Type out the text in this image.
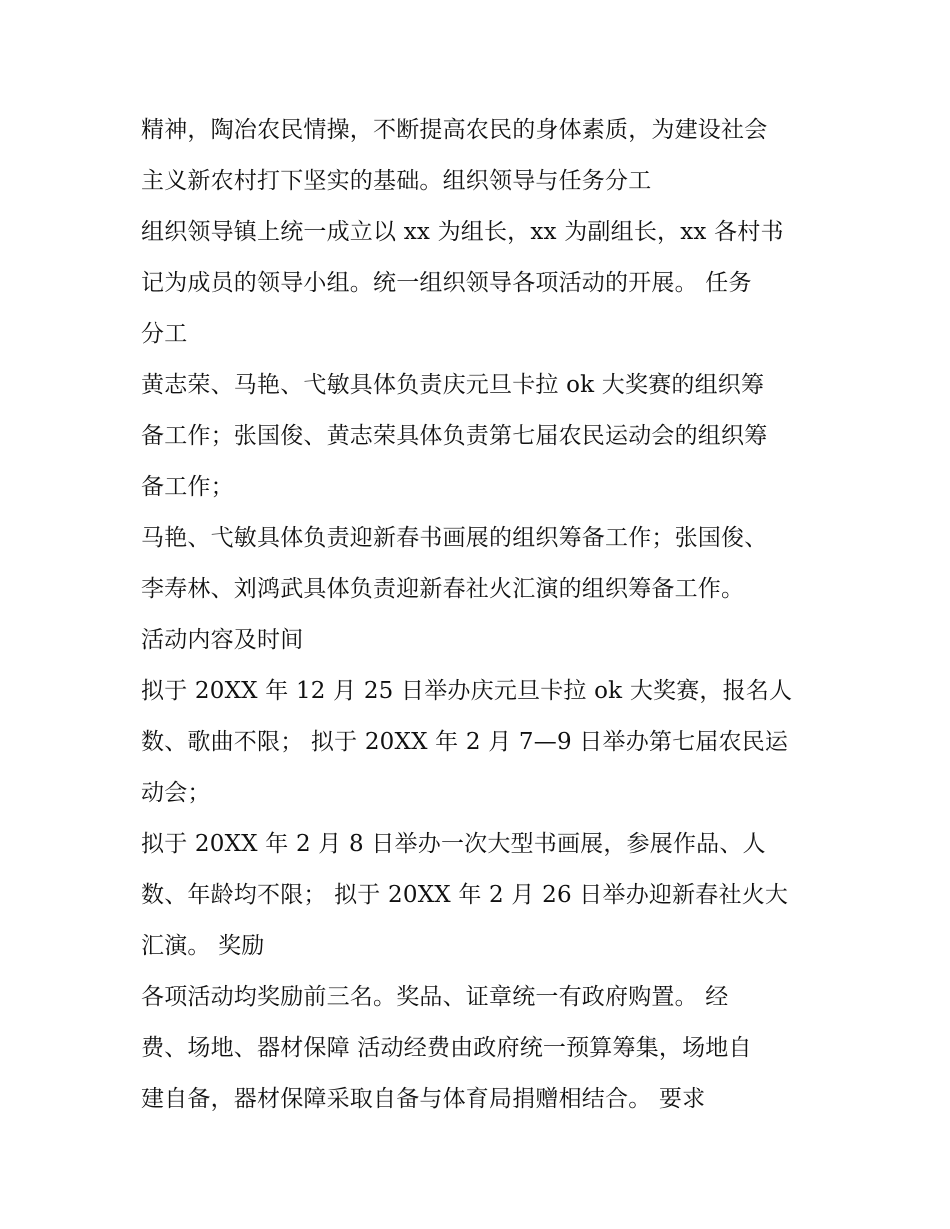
精神，陶冶农民情操，不断提高农民的身体素质，为建设社会
主义新农村打下坚实的基础。组织领导与任务分工
组织领导镇上统一成立以 xx 为组长，xx 为副组长，xx 各村书
记为成员的领导小组。统一组织领导各项活动的开展。 任务
分工
黄志荣、马艳、弋敏具体负责庆元旦卡拉 ok 大奖赛的组织筹
备工作；张国俊、黄志荣具体负责第七届农民运动会的组织筹
备工作；
马艳、弋敏具体负责迎新春书画展的组织筹备工作；张国俊、
李寿林、刘鸿武具体负责迎新春社火汇演的组织筹备工作。
活动内容及时间
拟于 20XX 年 12 月 25 日举办庆元旦卡拉 ok 大奖赛，报名人
数、歌曲不限； 拟于 20XX 年 2 月 7—9 日举办第七届农民运
动会；
拟于 20XX 年 2 月 8 日举办一次大型书画展，参展作品、人
数、年龄均不限； 拟于 20XX 年 2 月 26 日举办迎新春社火大
汇演。 奖励
各项活动均奖励前三名。奖品、证章统一有政府购置。 经
费、场地、器材保障 活动经费由政府统一预算筹集，场地自
建自备，器材保障采取自备与体育局捐赠相结合。 要求
